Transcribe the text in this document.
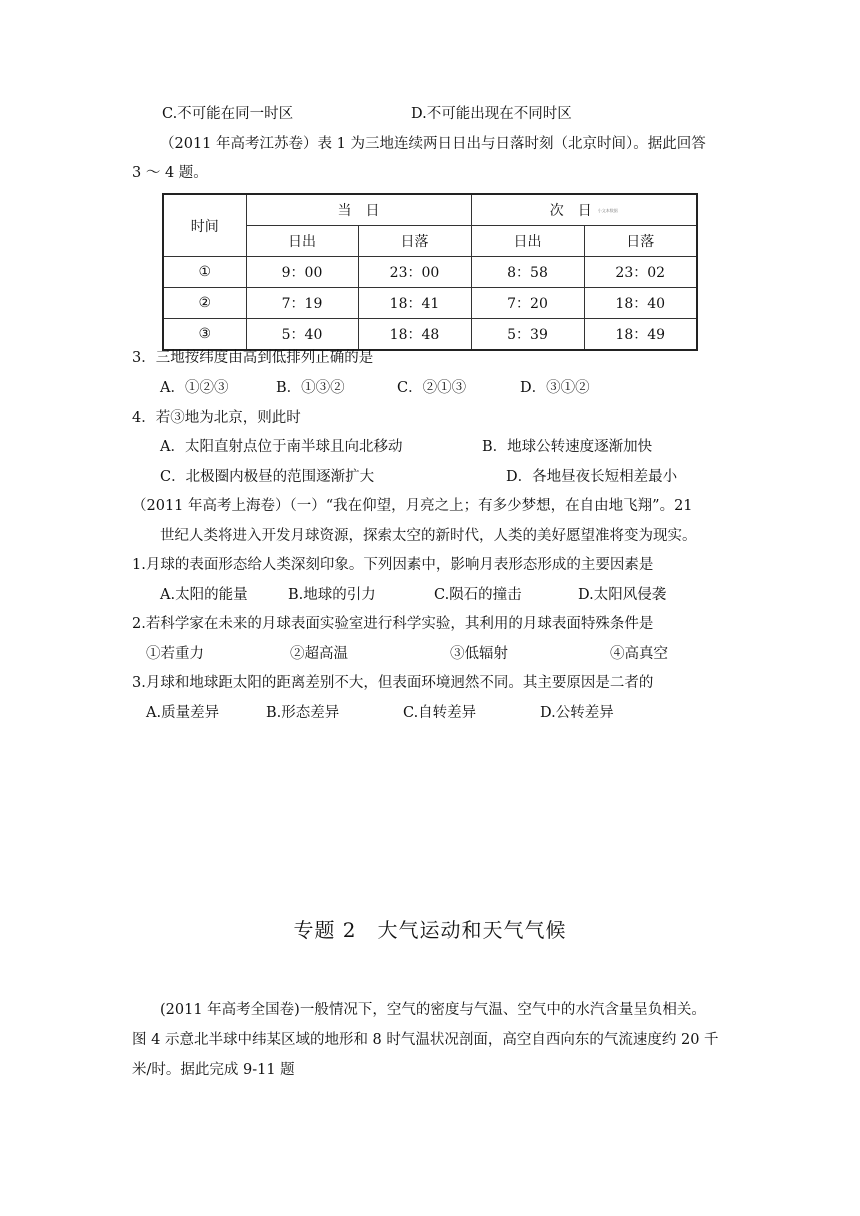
C.不可能在同一时区	D.不可能出现在不同时区
（2011 年高考江苏卷）表 1 为三地连续两日日出与日落时刻（北京时间）。据此回答
3 ～ 4 题。
时间	当　日		次　日 小文本数据	
	日出	日落	日出	日落
①	9：00	23：00	8：58	23：02
②	7：19	18：41	7：20	18：40
③	5：40	18：48	5：39	18：49
3．三地按纬度由高到低排列正确的是
A．①②③	B．①③②	C．②①③	D．③①②
4．若③地为北京，则此时
A．太阳直射点位于南半球且向北移动	B．地球公转速度逐渐加快
C．北极圈内极昼的范围逐渐扩大	D．各地昼夜长短相差最小
（2011 年高考上海卷）（一）“我在仰望，月亮之上；有多少梦想，在自由地飞翔”。21
世纪人类将进入开发月球资源，探索太空的新时代，人类的美好愿望准将变为现实。
1.月球的表面形态给人类深刻印象。下列因素中，影响月表形态形成的主要因素是
A.太阳的能量	B.地球的引力	C.陨石的撞击	D.太阳风侵袭
2.若科学家在未来的月球表面实验室进行科学实验，其利用的月球表面特殊条件是
①若重力	②超高温	③低辐射	④高真空
3.月球和地球距太阳的距离差别不大，但表面环境迥然不同。其主要原因是二者的
A.质量差异	B.形态差异	C.自转差异	D.公转差异
专题 2　大气运动和天气气候
(2011 年高考全国卷)一般情况下，空气的密度与气温、空气中的水汽含量呈负相关。
图 4 示意北半球中纬某区域的地形和 8 时气温状况剖面，高空自西向东的气流速度约 20 千
米/时。据此完成 9-11 题
